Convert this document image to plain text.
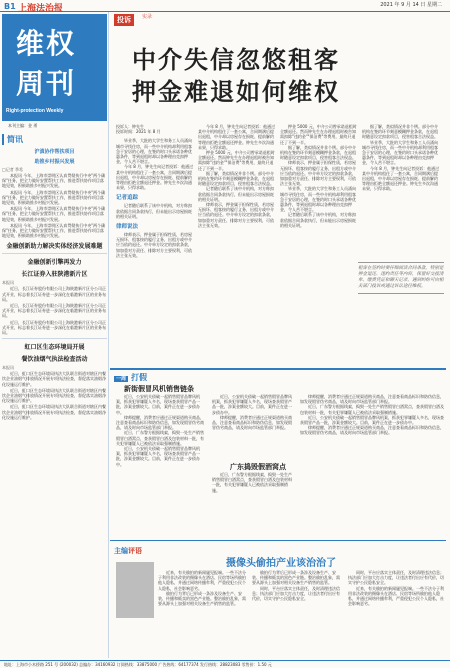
B1 上海法治报	2021 年 9 月 14 日 星期二
维权
周刊
Right-protection Weekly
本刊主编：金 勇
简讯
沪滇协作帮扶项目
助推乡村振兴发展
□记者 季希

本报讯 今年，上海市崇明区认真贯彻执行中央"两个确保"任务，把全力做好安置帮扶工作，推进帮扶协作项目落地见效，积极助推乡村振兴发展。

本报讯 今年，上海市崇明区认真贯彻执行中央"两个确保"任务，把全力做好安置帮扶工作，推进帮扶协作项目落地见效，积极助推乡村振兴发展。

本报讯 今年，上海市崇明区认真贯彻执行中央"两个确保"任务，把全力做好安置帮扶工作，推进帮扶协作项目落地见效，积极助推乡村振兴发展。

本报讯 今年，上海市崇明区认真贯彻执行中央"两个确保"任务，把全力做好安置帮扶工作，推进帮扶协作项目落地见效，积极助推乡村振兴发展。

金融创新助力解决实体经济发展难题
金融创新引擎再发力
长江证券入驻陕港新片区
本报讯

近日，长江证券股份有限公司上海陕港新片区分公司正式开业，标志着长江证券进一步深化在临港新片区的业务布局。

近日，长江证券股份有限公司上海陕港新片区分公司正式开业，标志着长江证券进一步深化在临港新片区的业务布局。

近日，长江证券股份有限公司上海陕港新片区分公司正式开业，标志着长江证券进一步深化在临港新片区的业务布局。

虹口区生态环境局开展
餐饮油烟气执法检查活动
本报讯

近日，虹口区生态环境局执法大队联合街道对辖区内餐饮企业油烟气排放情况开展专项执法检查，督促落实油烟净化设施运行维护。

近日，虹口区生态环境局执法大队联合街道对辖区内餐饮企业油烟气排放情况开展专项执法检查，督促落实油烟净化设施运行维护。

近日，虹口区生态环境局执法大队联合街道对辖区内餐饮企业油烟气排放情况开展专项执法检查，督促落实油烟净化设施运行维护。

投诉	实录
中介失信忽悠租客
押金难退如何维权
投诉人：钟先生
投诉时间：2021 年 8 月

毕业季，大批的大学生和务工人员涌向城市寻找住房，而一些中介机构却利用租客急于安居的心理，在签约时口头承诺各种优惠条件，等到退租时却以各种理由克扣押金，令人苦不堪言。

今年 8 月，钟先生向记者投诉：他通过某中介机构租住了一套公寓，合同期满后提出退租，中介却以房屋存在损耗、提前解约等理由拒绝全额退还押金。钟先生多次沟通未果，只得求助。

记者追踪

记者随后联系了该中介机构，对方称扣款依据合同条款执行，但未能出示房屋损耗的相关证明。

律师说法

律师表示，押金属于担保性质，若房屋无损坏、租客按约履行义务，出租方或中介应当依约退还。中介单方设定的扣款条款，如加重对方责任、排除对方主要权利，可依法主张无效。

今年 8 月，钟先生向记者投诉：他通过某中介机构租住了一套公寓，合同期满后提出退租，中介却以房屋存在损耗、提前解约等理由拒绝全额退还押金。钟先生多次沟通未果，只得求助。

押金 5000 元，中介公司曾承诺退租时全额退还。然而钟先生在办理退租时被告知需扣除"违约金""保洁费"等费用，最终只退还了不到一半。

据了解，类似情况并非个例。部分中介机构在签约环节刻意模糊押金条款，在退租时随意设定扣款项目，侵害租客合法权益。

记者随后联系了该中介机构，对方称扣款依据合同条款执行，但未能出示房屋损耗的相关证明。

律师表示，押金属于担保性质，若房屋无损坏、租客按约履行义务，出租方或中介应当依约退还。中介单方设定的扣款条款，如加重对方责任、排除对方主要权利，可依法主张无效。

押金 5000 元，中介公司曾承诺退租时全额退还。然而钟先生在办理退租时被告知需扣除"违约金""保洁费"等费用，最终只退还了不到一半。

据了解，类似情况并非个例。部分中介机构在签约环节刻意模糊押金条款，在退租时随意设定扣款项目，侵害租客合法权益。

律师表示，押金属于担保性质，若房屋无损坏、租客按约履行义务，出租方或中介应当依约退还。中介单方设定的扣款条款，如加重对方责任、排除对方主要权利，可依法主张无效。

毕业季，大批的大学生和务工人员涌向城市寻找住房，而一些中介机构却利用租客急于安居的心理，在签约时口头承诺各种优惠条件，等到退租时却以各种理由克扣押金，令人苦不堪言。

记者随后联系了该中介机构，对方称扣款依据合同条款执行，但未能出示房屋损耗的相关证明。

据了解，类似情况并非个例。部分中介机构在签约环节刻意模糊押金条款，在退租时随意设定扣款项目，侵害租客合法权益。

毕业季，大批的大学生和务工人员涌向城市寻找住房，而一些中介机构却利用租客急于安居的心理，在签约时口头承诺各种优惠条件，等到退租时却以各种理由克扣押金，令人苦不堪言。

今年 8 月，钟先生向记者投诉：他通过某中介机构租住了一套公寓，合同期满后提出退租，中介却以房屋存在损耗、提前解约等理由拒绝全额退还押金。钟先生多次沟通未果，只得求助。

租客在签约时要仔细阅读合同条款，特别是押金退还、违约责任等内容，保留好交接清单、缴费凭证和聊天记录，遇到纠纷可向相关部门投诉或通过诉讼途径维权。
一周 打假
新街假冒风机销售链条

近日，公安机关侦破一起销售假冒品牌风机案，抓获犯罪嫌疑人多名，现场查获假冒产品一批，涉案金额较大。目前，案件正在进一步侦办中。

律师提醒，消费者应通过正规渠道购买商品，注意查看商品标识和防伪信息，如发现假冒伪劣商品，请及时向市场监管部门举报。

近日，广东警方根据线索，捣毁一处生产销售假冒白酒窝点，查获假冒白酒及包装材料一批，有关犯罪嫌疑人已被依法采取强制措施。

近日，公安机关侦破一起销售假冒品牌风机案，抓获犯罪嫌疑人多名，现场查获假冒产品一批，涉案金额较大。目前，案件正在进一步侦办中。

近日，公安机关侦破一起销售假冒品牌风机案，抓获犯罪嫌疑人多名，现场查获假冒产品一批，涉案金额较大。目前，案件正在进一步侦办中。

律师提醒，消费者应通过正规渠道购买商品，注意查看商品标识和防伪信息，如发现假冒伪劣商品，请及时向市场监管部门举报。

广东捣毁假酒窝点

近日，广东警方根据线索，捣毁一处生产销售假冒白酒窝点，查获假冒白酒及包装材料一批，有关犯罪嫌疑人已被依法采取强制措施。

律师提醒，消费者应通过正规渠道购买商品，注意查看商品标识和防伪信息，如发现假冒伪劣商品，请及时向市场监管部门举报。

近日，广东警方根据线索，捣毁一处生产销售假冒白酒窝点，查获假冒白酒及包装材料一批，有关犯罪嫌疑人已被依法采取强制措施。

近日，公安机关侦破一起销售假冒品牌风机案，抓获犯罪嫌疑人多名，现场查获假冒产品一批，涉案金额较大。目前，案件正在进一步侦办中。

律师提醒，消费者应通过正规渠道购买商品，注意查看商品标识和防伪信息，如发现假冒伪劣商品，请及时向市场监管部门举报。

主编评语
摄像头偷拍产业该治治了

近来，有关偷拍的新闻屡见报端。一些不法分子利用非法改装的摄像头在酒店、民宿等场所偷拍他人隐私，并通过网络传播牟利，严重侵犯公民个人隐私，社会影响恶劣。

偷拍行为背后已形成一条涉及设备生产、安装、传播和贩卖的黑色产业链。整治偷拍乱象，需要从源头上加强对相关设备生产销售的监管。

偷拍行为背后已形成一条涉及设备生产、安装、传播和贩卖的黑色产业链。整治偷拍乱象，需要从源头上加强对相关设备生产销售的监管。

同时，平台应落实主体责任，及时清理违法信息；执法部门应加大打击力度，让违法者付出应有代价，切实守护公民隐私安全。

同时，平台应落实主体责任，及时清理违法信息；执法部门应加大打击力度，让违法者付出应有代价，切实守护公民隐私安全。

近来，有关偷拍的新闻屡见报端。一些不法分子利用非法改装的摄像头在酒店、民宿等场所偷拍他人隐私，并通过网络传播牟利，严重侵犯公民个人隐私，社会影响恶劣。

地址：上海市小木桥路 251 号 (200032) 总编办：34160932 订阅热线：33875000 广告热线：64177374 发行热线：28823083 零售价：1.50 元
